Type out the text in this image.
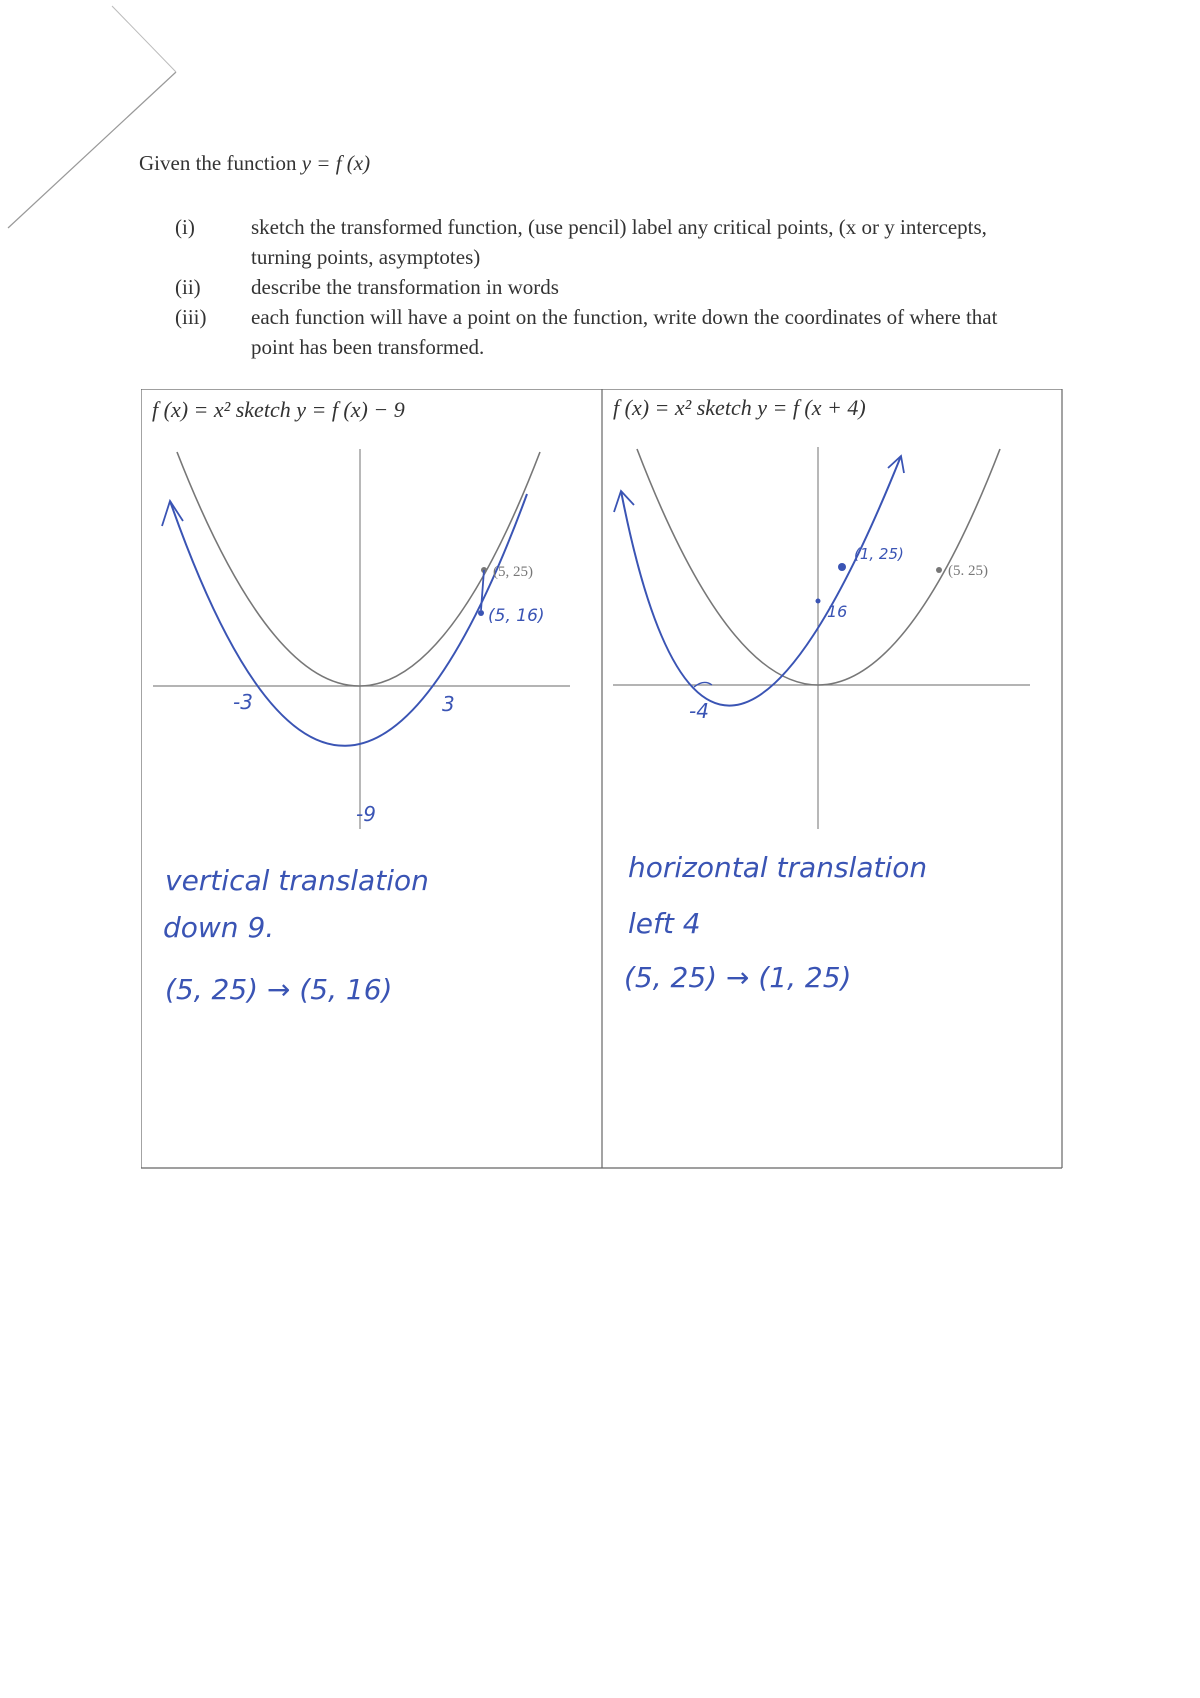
Given the function y = f (x)
(i)	sketch the transformed function, (use pencil) label any critical points, (x or y intercepts, turning points, asymptotes)
(ii)	describe the transformation in words
(iii)	each function will have a point on the function, write down the coordinates of where that point has been transformed.
f (x) = x² sketch y = f (x) − 9
(5, 25)
(5, 16)
-3	3
-9
vertical translation
down 9.
(5, 25) → (5, 16)
f (x) = x² sketch y = f (x + 4)
(5. 25)
(1, 25)
16
-4
horizontal translation
left 4
(5, 25) → (1, 25)
